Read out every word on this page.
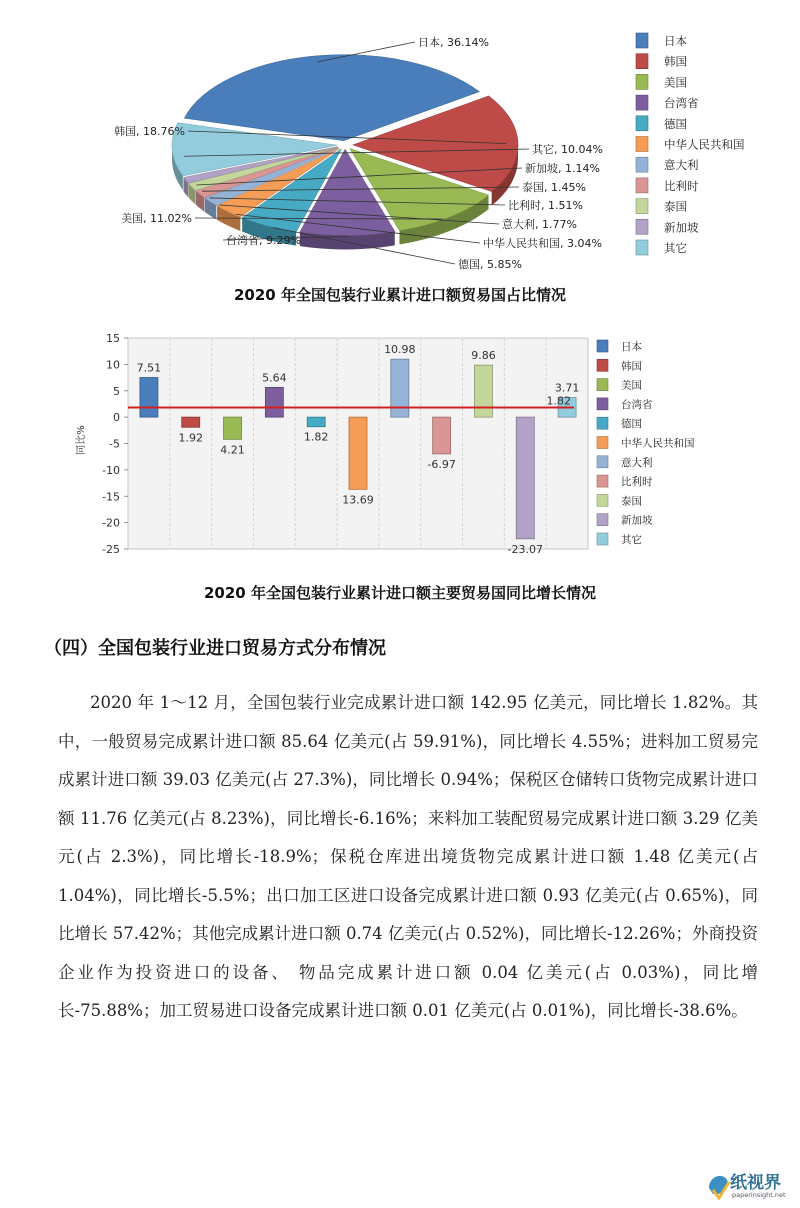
日本, 36.14%
韩国, 18.76%
美国, 11.02%
台湾省, 9.29%
德国, 5.85%
中华人民共和国, 3.04%
意大利, 1.77%
比利时, 1.51%
泰国, 1.45%
新加坡, 1.14%
其它, 10.04%
日本
韩国
美国
台湾省
德国
中华人民共和国
意大利
比利时
泰国
新加坡
其它
2020 年全国包装行业累计进口额贸易国占比情况
15
10
5
0
-5
-10
-15
-20
-25
同比%
7.51
1.92
4.21
5.64
1.82
13.69
10.98
-6.97
9.86
-23.07
3.71
1.82
日本
韩国
美国
台湾省
德国
中华人民共和国
意大利
比利时
泰国
新加坡
其它
2020 年全国包装行业累计进口额主要贸易国同比增长情况
（四）全国包装行业进口贸易方式分布情况

2020 年 1～12 月，全国包装行业完成累计进口额 142.95 亿美元，同比增长 1.82%。其中，一般贸易完成累计进口额 85.64 亿美元(占 59.91%)，同比增长 4.55%；进料加工贸易完成累计进口额 39.03 亿美元(占 27.3%)，同比增长 0.94%；保税区仓储转口货物完成累计进口额 11.76 亿美元(占 8.23%)，同比增长-6.16%；来料加工装配贸易完成累计进口额 3.29 亿美元(占 2.3%)，同比增长-18.9%；保税仓库进出境货物完成累计进口额 1.48 亿美元(占 1.04%)，同比增长-5.5%；出口加工区进口设备完成累计进口额 0.93 亿美元(占 0.65%)，同比增长 57.42%；其他完成累计进口额 0.74 亿美元(占 0.52%)，同比增长-12.26%；外商投资企业作为投资进口的设备、 物品完成累计进口额 0.04 亿美元(占 0.03%)，同比增长-75.88%；加工贸易进口设备完成累计进口额 0.01 亿美元(占 0.01%)，同比增长-38.6%。

纸视界
paperinsight.net
